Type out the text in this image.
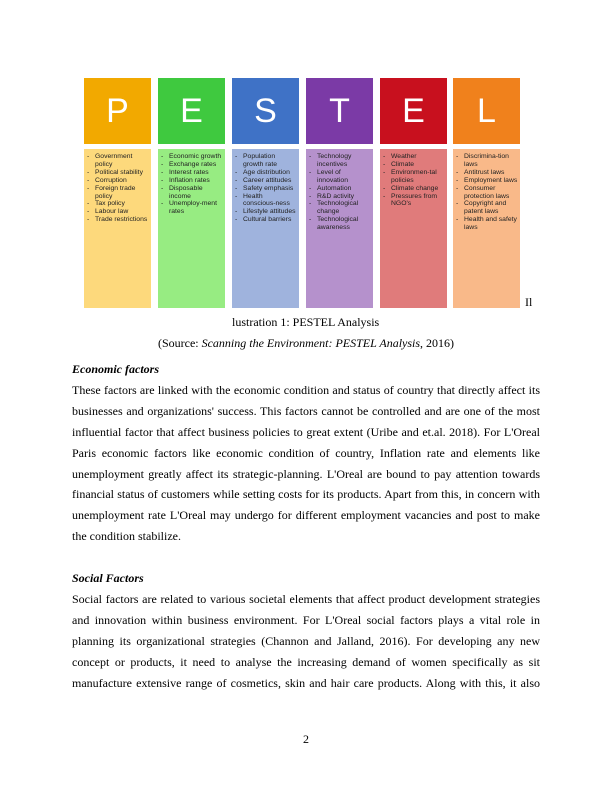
P
- Government policy
- Political stability
- Corruption
- Foreign trade policy
- Tax policy
- Labour law
- Trade restrictions
E
- Economic growth
- Exchange rates
- Interest rates
- Inflation rates
- Disposable income
- Unemploy-ment rates
S
- Population growth rate
- Age distribution
- Career attitudes
- Safety emphasis
- Health conscious-ness
- Lifestyle attitudes
- Cultural barriers
T
- Technology incentives
- Level of innovation
- Automation
- R&D activity
- Technological change
- Technological awareness
E
- Weather
- Climate
- Environmen-tal policies
- Climate change
- Pressures from NGO's
L
- Discrimina-tion laws
- Antitrust laws
- Employment laws
- Consumer protection laws
- Copyright and patent laws
- Health and safety laws
Il
lustration 1: PESTEL Analysis
(Source: Scanning the Environment: PESTEL Analysis, 2016)
Economic factors
These factors are linked with the economic condition and status of country that directly affect its
businesses and organizations' success. This factors cannot be controlled and are one of the most
influential factor that affect business policies to great extent (Uribe and et.al. 2018). For L'Oreal
Paris economic factors like economic condition of country, Inflation rate and elements like
unemployment greatly affect its strategic-planning. L'Oreal are bound to pay attention towards
financial status of customers while setting costs for its products. Apart from this, in concern with
unemployment rate L'Oreal may undergo for different employment vacancies and post to make
the condition stabilize.
Social Factors
Social factors are related to various societal elements that affect product development strategies
and innovation within business environment. For L'Oreal social factors plays a vital role in
planning its organizational strategies (Channon and Jalland, 2016). For developing any new
concept or products, it need to analyse the increasing demand of women specifically as sit
manufacture extensive range of cosmetics, skin and hair care products. Along with this, it also
2
